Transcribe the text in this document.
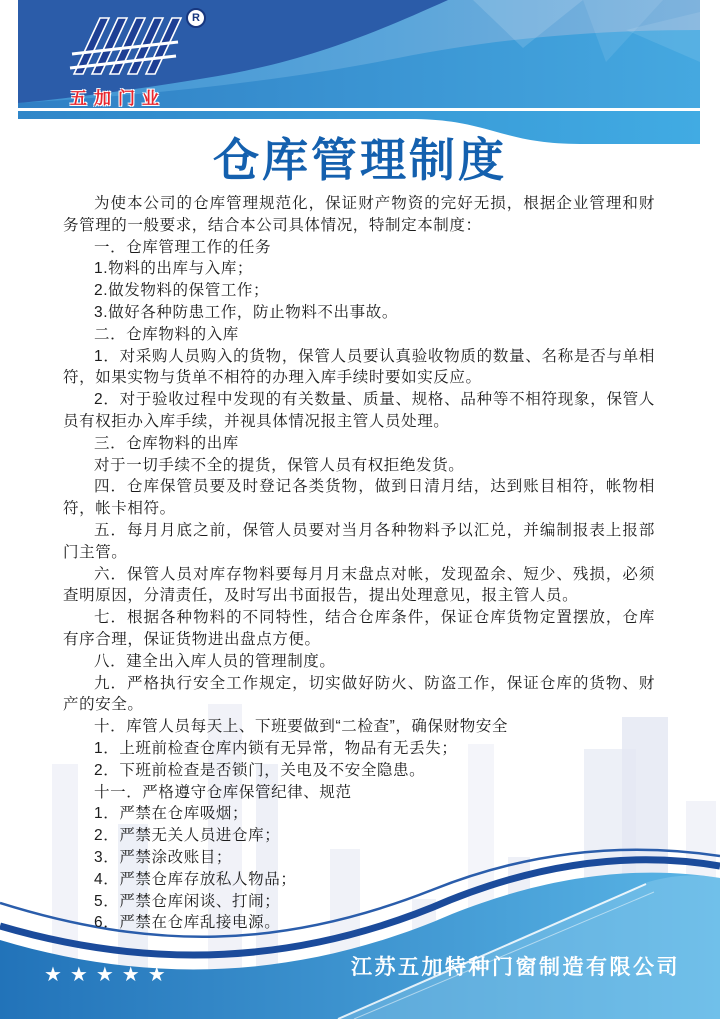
R
五加门业
仓库管理制度

为使本公司的仓库管理规范化，保证财产物资的完好无损，根据企业管理和财务管理的一般要求，结合本公司具体情况，特制定本制度：

一．仓库管理工作的任务

1.物料的出库与入库；

2.做发物料的保管工作；

3.做好各种防患工作，防止物料不出事故。

二．仓库物料的入库

1．对采购人员购入的货物，保管人员要认真验收物质的数量、名称是否与单相符，如果实物与货单不相符的办理入库手续时要如实反应。

2．对于验收过程中发现的有关数量、质量、规格、品种等不相符现象，保管人员有权拒办入库手续，并视具体情况报主管人员处理。

三．仓库物料的出库

对于一切手续不全的提货，保管人员有权拒绝发货。

四．仓库保管员要及时登记各类货物，做到日清月结，达到账目相符，帐物相符，帐卡相符。

五．每月月底之前，保管人员要对当月各种物料予以汇兑，并编制报表上报部门主管。

六．保管人员对库存物料要每月月末盘点对帐，发现盈余、短少、残损，必须查明原因，分清责任，及时写出书面报告，提出处理意见，报主管人员。

七．根据各种物料的不同特性，结合仓库条件，保证仓库货物定置摆放，仓库有序合理，保证货物进出盘点方便。

八．建全出入库人员的管理制度。

九．严格执行安全工作规定，切实做好防火、防盗工作，保证仓库的货物、财产的安全。

十．库管人员每天上、下班要做到“二检查”，确保财物安全

1．上班前检查仓库内锁有无异常，物品有无丢失；

2．下班前检查是否锁门，关电及不安全隐患。

十一．严格遵守仓库保管纪律、规范

1．严禁在仓库吸烟；

2．严禁无关人员进仓库；

3．严禁涂改账目；

4．严禁仓库存放私人物品；

5．严禁仓库闲谈、打闹；

6．严禁在仓库乱接电源。

★★★★★	江苏五加特种门窗制造有限公司
